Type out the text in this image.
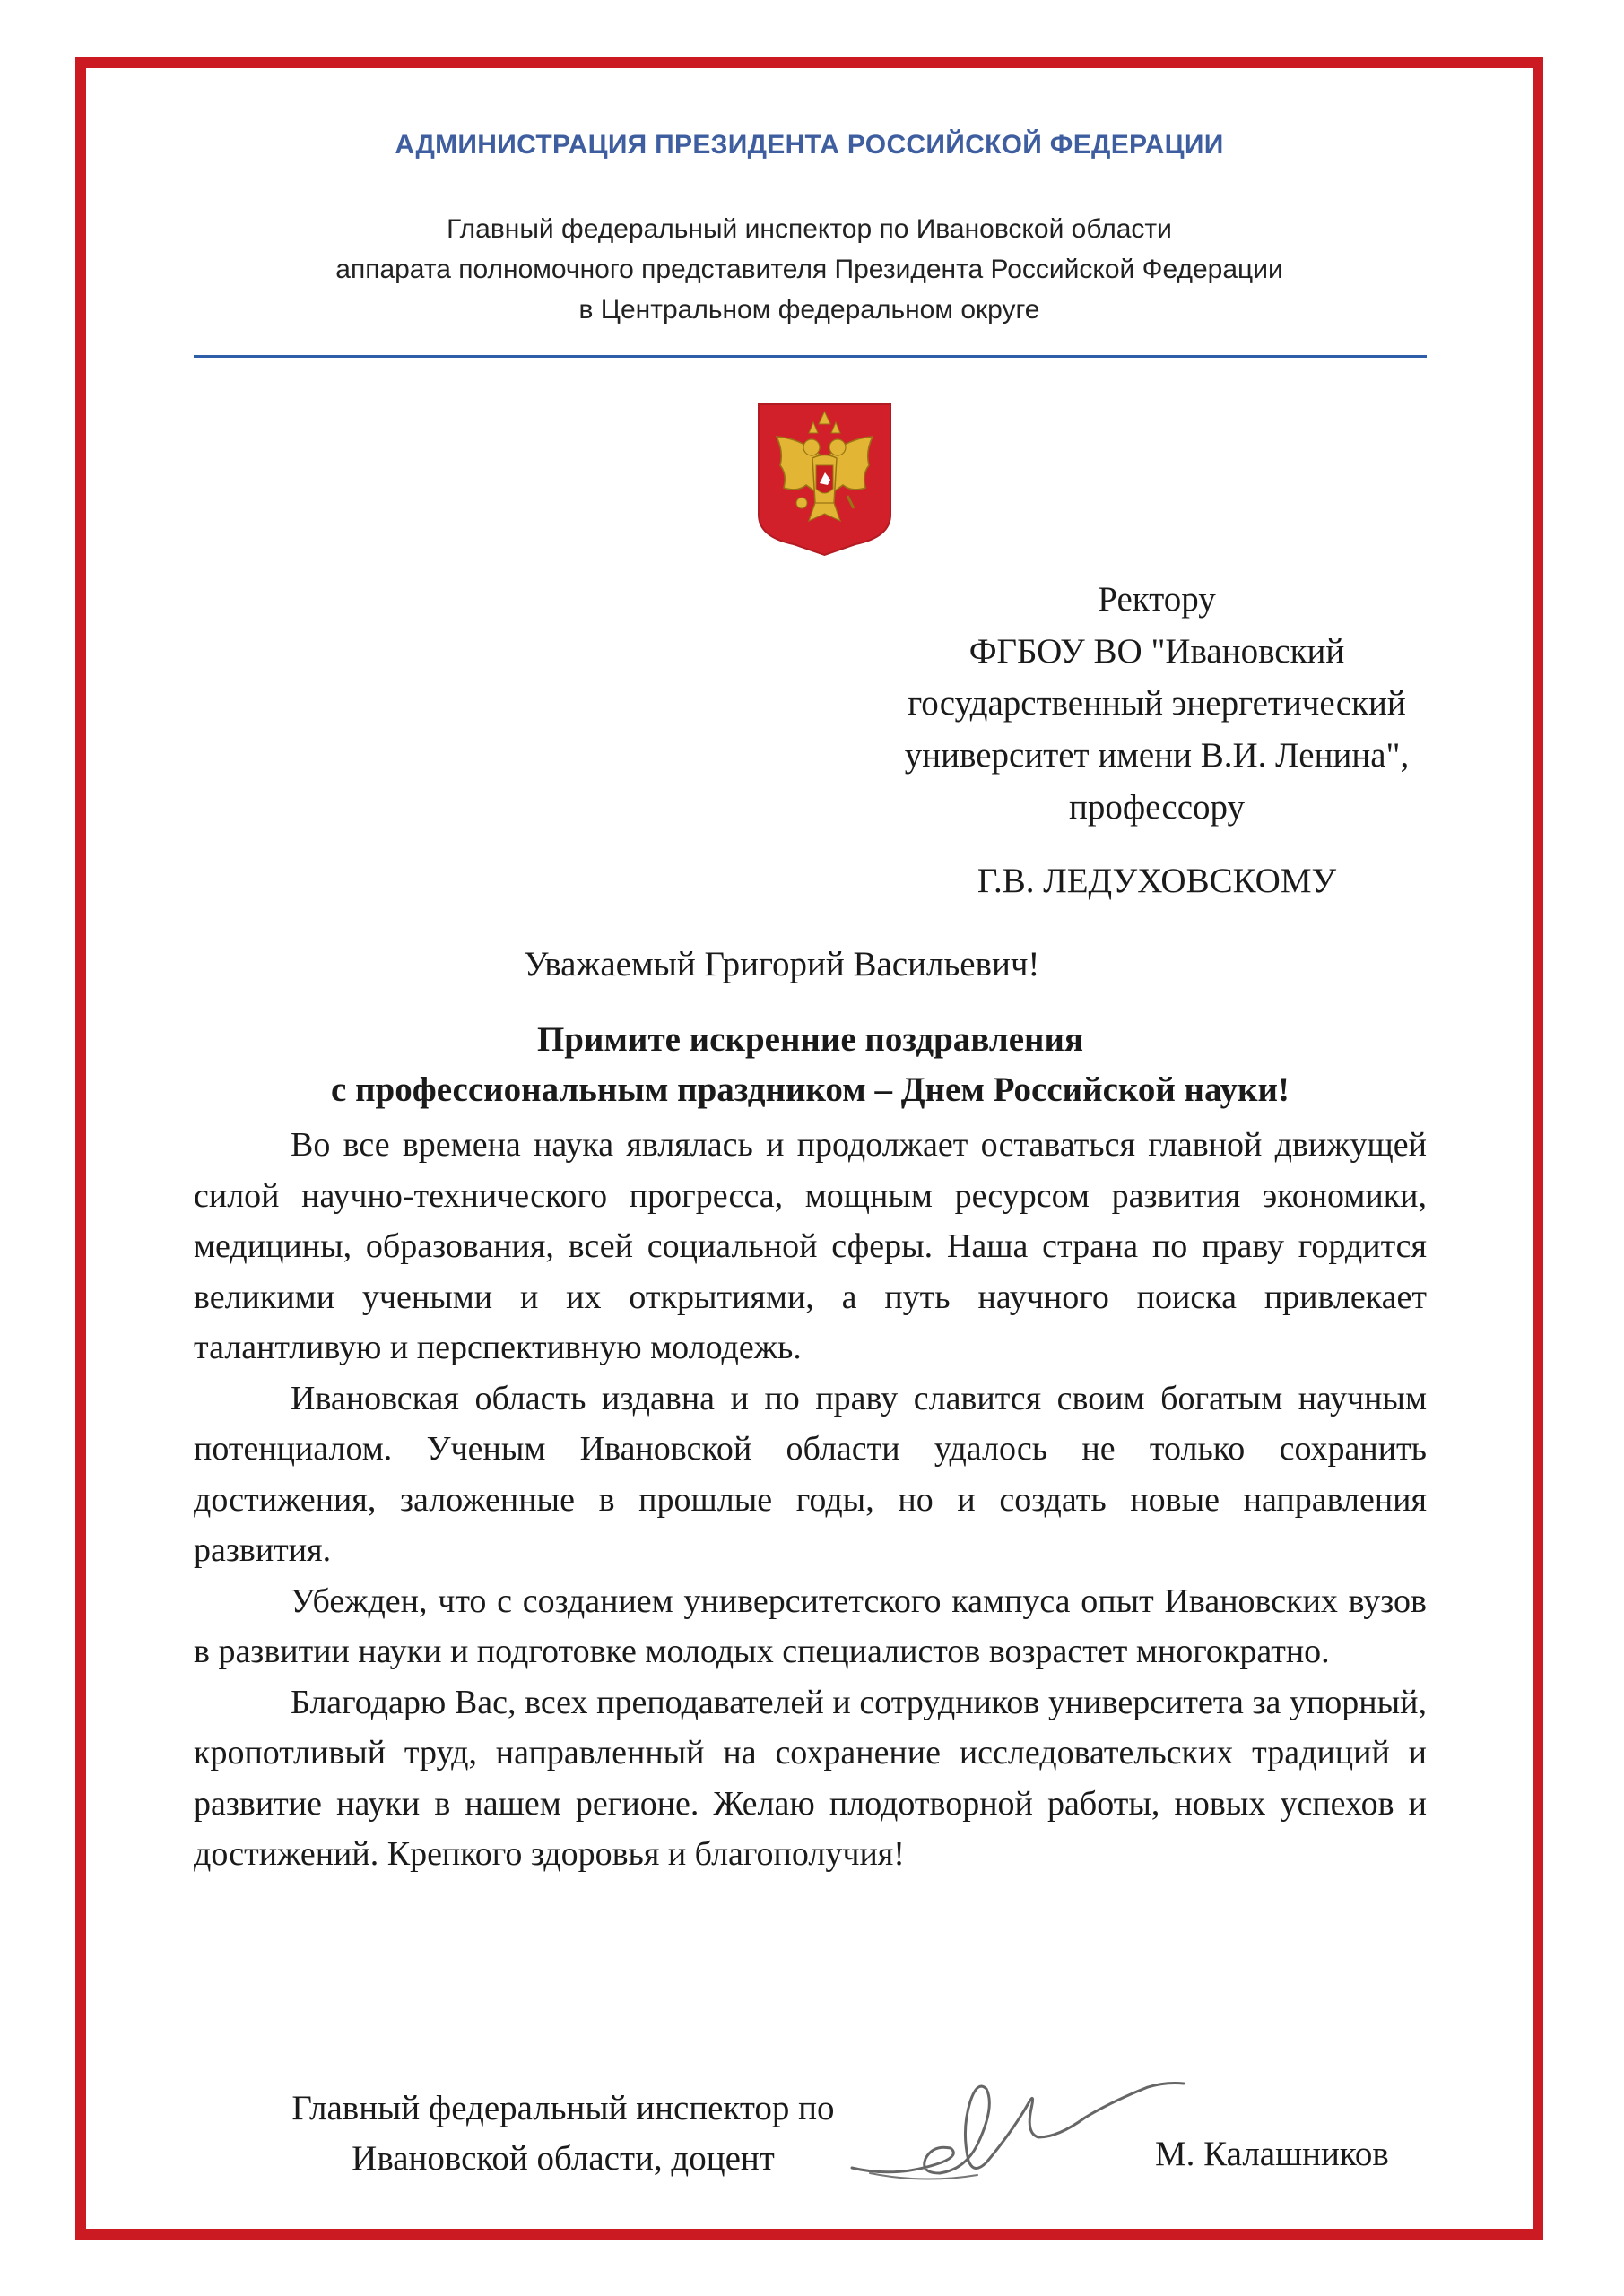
АДМИНИСТРАЦИЯ ПРЕЗИДЕНТА РОССИЙСКОЙ ФЕДЕРАЦИИ
Главный федеральный инспектор по Ивановской области
аппарата полномочного представителя Президента Российской Федерации
в Центральном федеральном округе
Ректору
ФГБОУ ВО "Ивановский
государственный энергетический
университет имени В.И. Ленина",
профессору
Г.В. ЛЕДУХОВСКОМУ
Уважаемый Григорий Васильевич!
Примите искренние поздравления
с профессиональным праздником – Днем Российской науки!

Во все времена наука являлась и продолжает оставаться главной движущей силой научно-технического прогресса, мощным ресурсом развития экономики, медицины, образования, всей социальной сферы. Наша страна по праву гордится великими учеными и их открытиями, а путь научного поиска привлекает талантливую и перспективную молодежь.

Ивановская область издавна и по праву славится своим богатым научным потенциалом. Ученым Ивановской области удалось не только сохранить достижения, заложенные в прошлые годы, но и создать новые направления развития.

Убежден, что с созданием университетского кампуса опыт Ивановских вузов в развитии науки и подготовке молодых специалистов возрастет многократно.

Благодарю Вас, всех преподавателей и сотрудников университета за упорный, кропотливый труд, направленный на сохранение исследовательских традиций и развитие науки в нашем регионе. Желаю плодотворной работы, новых успехов и достижений. Крепкого здоровья и благополучия!

Главный федеральный инспектор по
Ивановской области, доцент	М. Калашников
